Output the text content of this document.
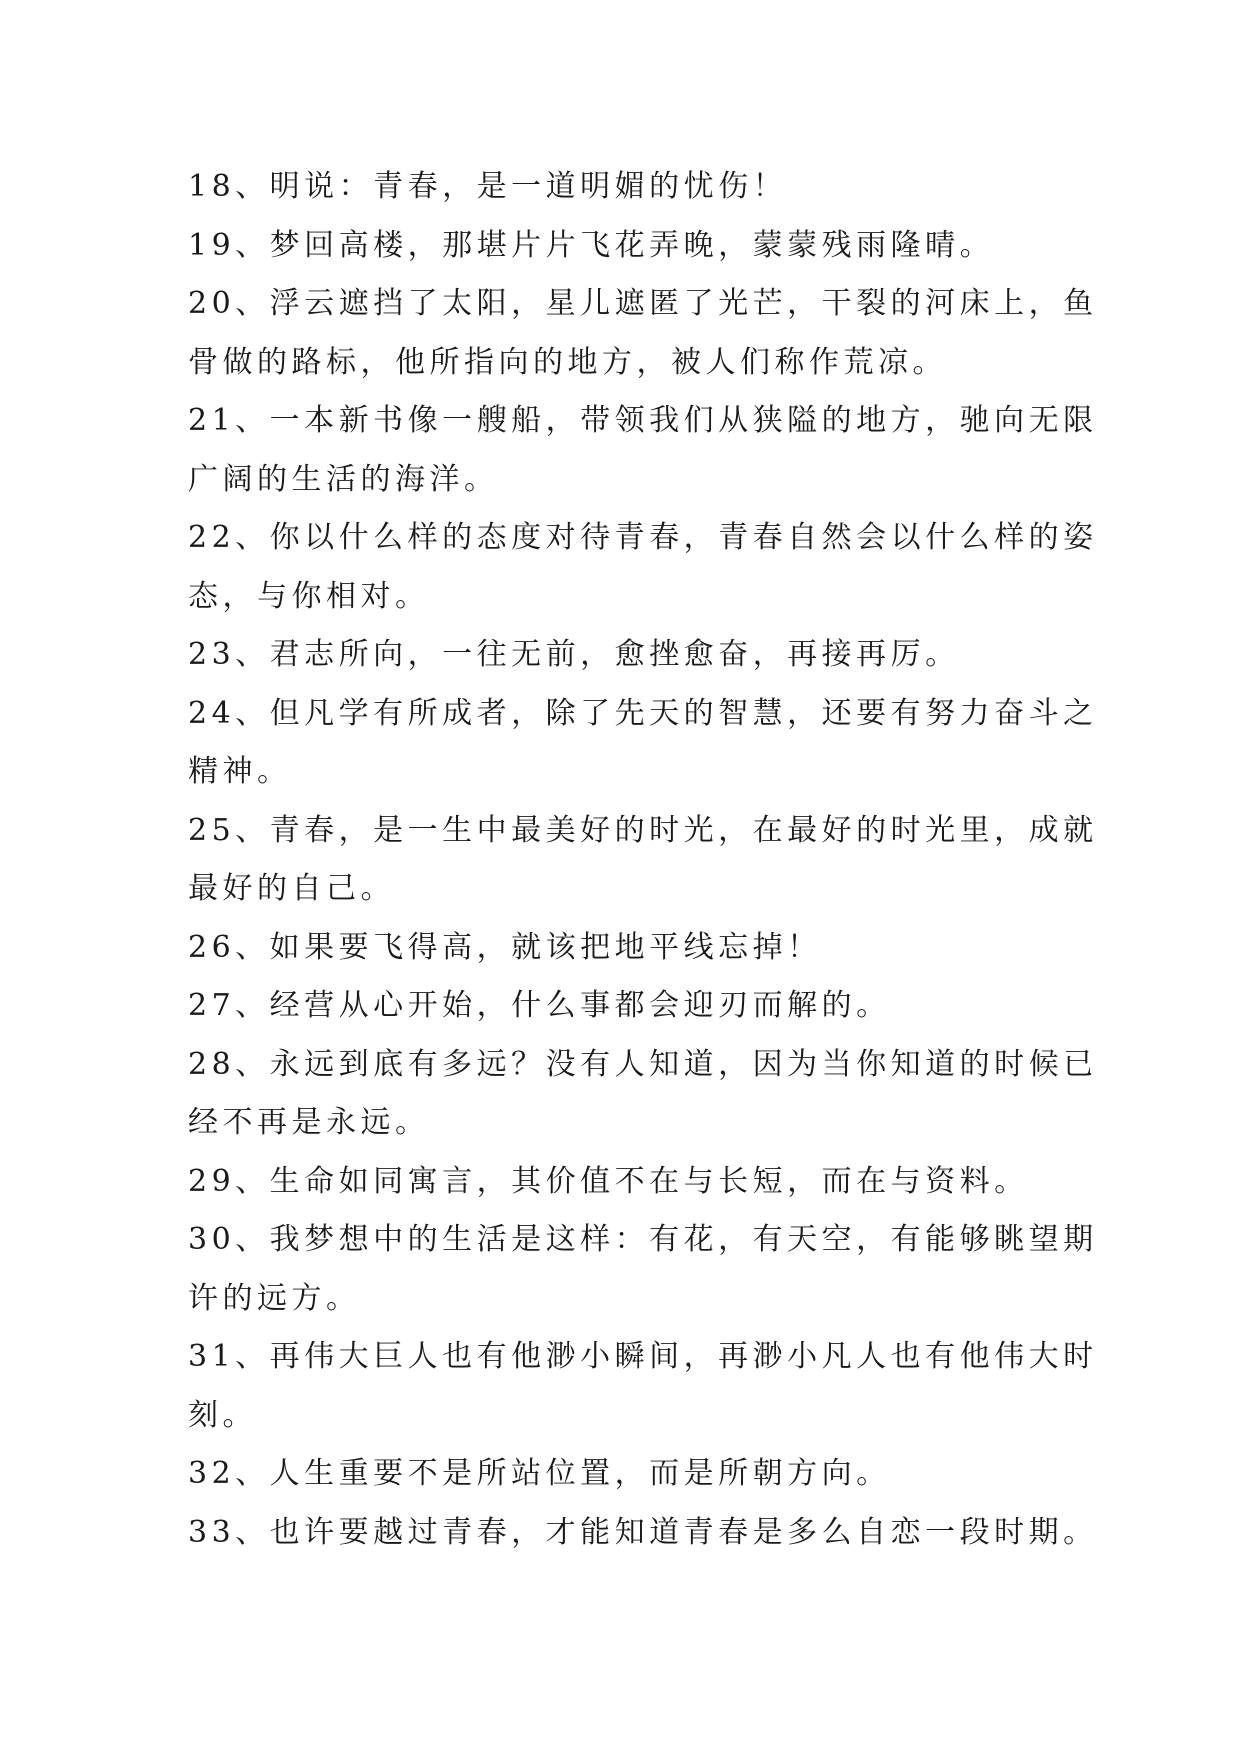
18、明说：青春，是一道明媚的忧伤！
19、梦回高楼，那堪片片飞花弄晚，蒙蒙残雨隆晴。
20、浮云遮挡了太阳，星儿遮匿了光芒，干裂的河床上，鱼
骨做的路标，他所指向的地方，被人们称作荒凉。
21、一本新书像一艘船，带领我们从狭隘的地方，驰向无限
广阔的生活的海洋。
22、你以什么样的态度对待青春，青春自然会以什么样的姿
态，与你相对。
23、君志所向，一往无前，愈挫愈奋，再接再厉。
24、但凡学有所成者，除了先天的智慧，还要有努力奋斗之
精神。
25、青春，是一生中最美好的时光，在最好的时光里，成就
最好的自己。
26、如果要飞得高，就该把地平线忘掉！
27、经营从心开始，什么事都会迎刃而解的。
28、永远到底有多远？没有人知道，因为当你知道的时候已
经不再是永远。
29、生命如同寓言，其价值不在与长短，而在与资料。
30、我梦想中的生活是这样：有花，有天空，有能够眺望期
许的远方。
31、再伟大巨人也有他渺小瞬间，再渺小凡人也有他伟大时
刻。
32、人生重要不是所站位置，而是所朝方向。
33、也许要越过青春，才能知道青春是多么自恋一段时期。
